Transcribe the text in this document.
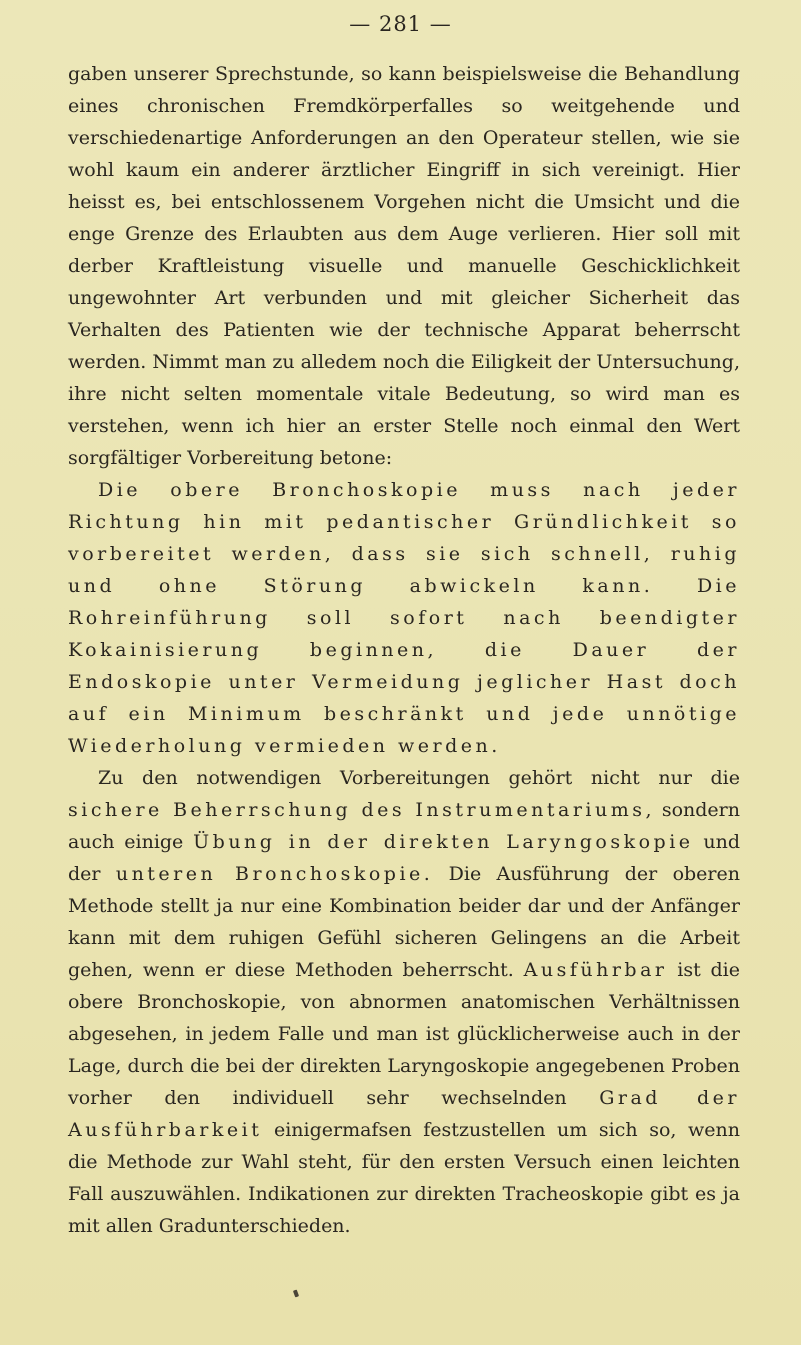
— 281 —

gaben unserer Sprechstunde, so kann beispielsweise die Behandlung eines chronischen Fremdkörperfalles so weitgehende und verschiedenartige Anforderungen an den Operateur stellen, wie sie wohl kaum ein anderer ärztlicher Eingriff in sich vereinigt. Hier heisst es, bei entschlossenem Vorgehen nicht die Umsicht und die enge Grenze des Erlaubten aus dem Auge verlieren. Hier soll mit derber Kraftleistung visuelle und manuelle Geschicklichkeit ungewohnter Art verbunden und mit gleicher Sicherheit das Verhalten des Patienten wie der technische Apparat beherrscht werden. Nimmt man zu alledem noch die Eiligkeit der Untersuchung, ihre nicht selten momentale vitale Bedeutung, so wird man es verstehen, wenn ich hier an erster Stelle noch einmal den Wert sorgfältiger Vorbereitung betone:

Die obere Bronchoskopie muss nach jeder Richtung hin mit pedantischer Gründlichkeit so vorbereitet werden, dass sie sich schnell, ruhig und ohne Störung abwickeln kann. Die Rohreinführung soll sofort nach beendigter Kokainisierung beginnen, die Dauer der Endoskopie unter Vermeidung jeglicher Hast doch auf ein Minimum beschränkt und jede unnötige Wiederholung vermieden werden.

Zu den notwendigen Vorbereitungen gehört nicht nur die sichere Beherrschung des Instrumentariums, sondern auch einige Übung in der direkten Laryngoskopie und der unteren Bronchoskopie. Die Ausführung der oberen Methode stellt ja nur eine Kombination beider dar und der Anfänger kann mit dem ruhigen Gefühl sicheren Gelingens an die Arbeit gehen, wenn er diese Methoden beherrscht. Ausführbar ist die obere Bronchoskopie, von abnormen anatomischen Verhältnissen abgesehen, in jedem Falle und man ist glücklicherweise auch in der Lage, durch die bei der direkten Laryngoskopie angegebenen Proben vorher den individuell sehr wechselnden Grad der Ausführbarkeit einigermafsen festzustellen um sich so, wenn die Methode zur Wahl steht, für den ersten Versuch einen leichten Fall auszuwählen. Indikationen zur direkten Tracheoskopie gibt es ja mit allen Gradunterschieden.
